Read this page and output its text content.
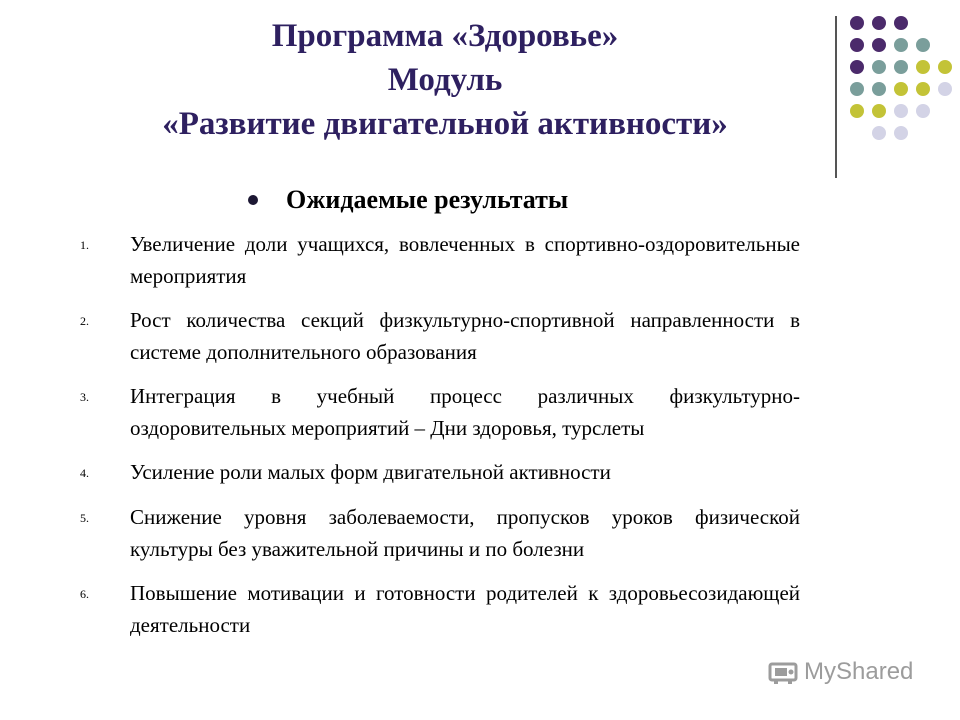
Программа «Здоровье»
Модуль
«Развитие двигательной активности»
Ожидаемые результаты
1.	Увеличение доли учащихся, вовлеченных в спортивно-оздоровительные мероприятия
2.	Рост количества секций физкультурно-спортивной направленности в системе дополнительного образования
3.	Интеграция в учебный процесс различных физкультурно-оздоровительных мероприятий – Дни здоровья, турслеты
4.	Усиление роли малых форм двигательной активности
5.	Снижение уровня заболеваемости, пропусков уроков физической культуры без уважительной причины и по болезни
6.	Повышение мотивации и готовности родителей к здоровьесозидающей деятельности
MyShared
